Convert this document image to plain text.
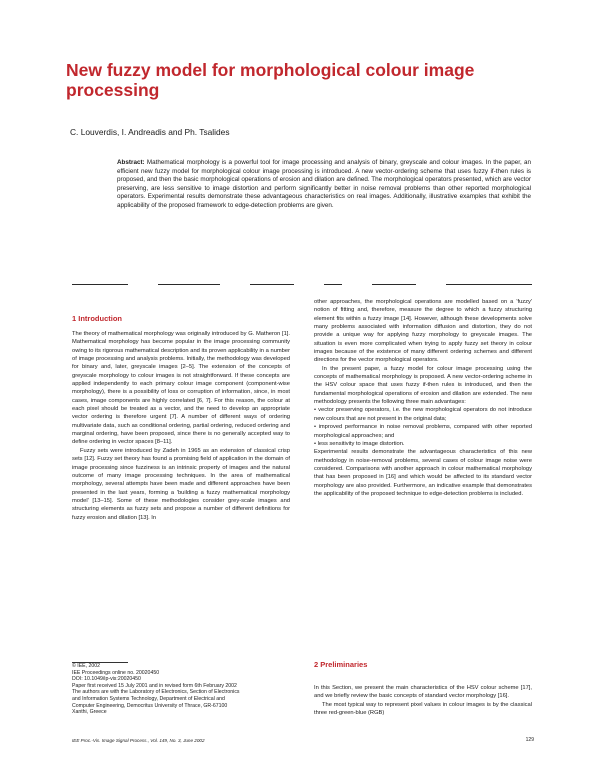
New fuzzy model for morphological colour image processing

C. Louverdis, I. Andreadis and Ph. Tsalides

Abstract: Mathematical morphology is a powerful tool for image processing and analysis of binary, greyscale and colour images. In the paper, an efficient new fuzzy model for morphological colour image processing is introduced. A new vector-ordering scheme that uses fuzzy if-then rules is proposed, and then the basic morphological operations of erosion and dilation are defined. The morphological operators presented, which are vector preserving, are less sensitive to image distortion and perform significantly better in noise removal problems than other reported morphological operators. Experimental results demonstrate these advantageous characteristics on real images. Additionally, illustrative examples that exhibit the applicability of the proposed framework to edge-detection problems are given.

1 Introduction

The theory of mathematical morphology was originally introduced by G. Matheron [1]. Mathematical morphology has become popular in the image processing community owing to its rigorous mathematical description and its proven applicability in a number of image processing and analysis problems. Initially, the methodology was developed for binary and, later, greyscale images [2–5]. The extension of the concepts of greyscale morphology to colour images is not straightforward. If these concepts are applied independently to each primary colour image component (component-wise morphology), there is a possibility of loss or corruption of information, since, in most cases, image components are highly correlated [6, 7]. For this reason, the colour at each pixel should be treated as a vector, and the need to develop an appropriate vector ordering is therefore urgent [7]. A number of different ways of ordering multivariate data, such as conditional ordering, partial ordering, reduced ordering and marginal ordering, have been proposed, since there is no generally accepted way to define ordering in vector spaces [8–11].

Fuzzy sets were introduced by Zadeh in 1965 as an extension of classical crisp sets [12]. Fuzzy set theory has found a promising field of application in the domain of image processing since fuzziness is an intrinsic property of images and the natural outcome of many image processing techniques. In the area of mathematical morphology, several attempts have been made and different approaches have been presented in the last years, forming a 'building a fuzzy mathematical morphology model' [13–15]. Some of these methodologies consider grey-scale images and structuring elements as fuzzy sets and propose a number of different definitions for fuzzy erosion and dilation [13]. In

other approaches, the morphological operations are modelled based on a 'fuzzy' notion of fitting and, therefore, measure the degree to which a fuzzy structuring element fits within a fuzzy image [14]. However, although these developments solve many problems associated with information diffusion and distortion, they do not provide a unique way for applying fuzzy morphology to greyscale images. The situation is even more complicated when trying to apply fuzzy set theory in colour images because of the existence of many different ordering schemes and different directions for the vector morphological operators.

In the present paper, a fuzzy model for colour image processing using the concepts of mathematical morphology is proposed. A new vector-ordering scheme in the HSV colour space that uses fuzzy if-then rules is introduced, and then the fundamental morphological operations of erosion and dilation are extended. The new methodology presents the following three main advantages:

• vector preserving operators, i.e. the new morphological operators do not introduce new colours that are not present in the original data;

• improved performance in noise removal problems, compared with other reported morphological approaches; and

• less sensitivity to image distortion.

Experimental results demonstrate the advantageous characteristics of this new methodology in noise-removal problems, several cases of colour image noise were considered. Comparisons with another approach in colour mathematical morphology that has been proposed in [16] and which would be affected to its standard vector morphology are also provided. Furthermore, an indicative example that demonstrates the applicability of the proposed technique to edge-detection problems is included.

2 Preliminaries

In this Section, we present the main characteristics of the HSV colour scheme [17], and we briefly review the basic concepts of standard vector morphology [16].

The most typical way to represent pixel values in colour images is by the classical three red-green-blue (RGB)

© IEE, 2002
IEE Proceedings online no. 20020450
DOI: 10.1049/ip-vis:20020450
Paper first received 15 July 2001 and in revised form 6th February 2002
The authors are with the Laboratory of Electronics, Section of Electronics
and Information Systems Technology, Department of Electrical and
Computer Engineering, Democritus University of Thrace, GR-67100
Xanthi, Greece
IEE Proc.-Vis. Image Signal Process., Vol. 149, No. 3, June 2002	129
